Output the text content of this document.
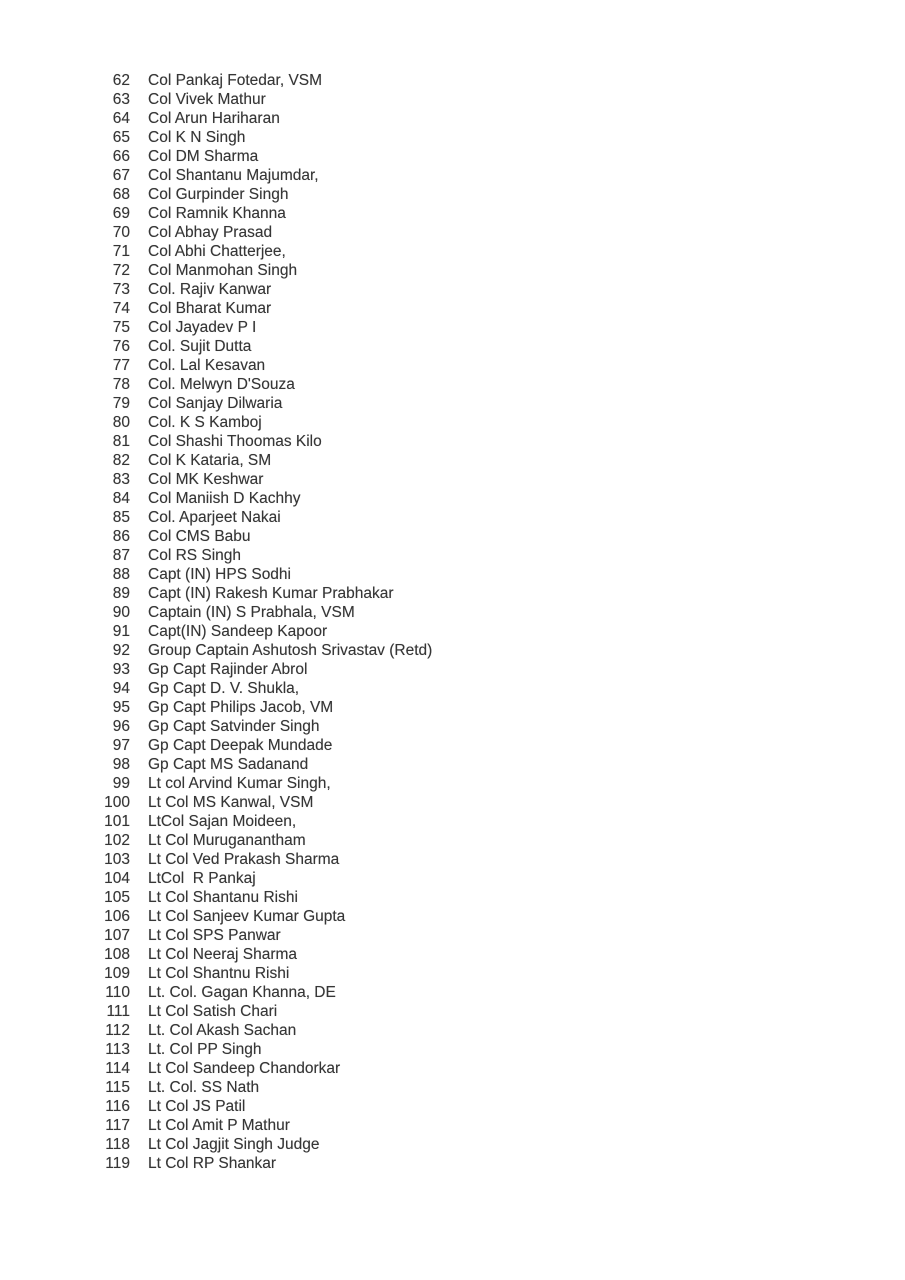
62 Col Pankaj Fotedar, VSM
63 Col Vivek Mathur
64 Col Arun Hariharan
65 Col K N Singh
66 Col DM Sharma
67 Col Shantanu Majumdar,
68 Col Gurpinder Singh
69 Col Ramnik Khanna
70 Col Abhay Prasad
71 Col Abhi Chatterjee,
72 Col Manmohan Singh
73 Col. Rajiv Kanwar
74 Col Bharat Kumar
75 Col Jayadev P I
76 Col. Sujit Dutta
77 Col. Lal Kesavan
78 Col. Melwyn D'Souza
79 Col Sanjay Dilwaria
80 Col. K S Kamboj
81 Col Shashi Thoomas Kilo
82 Col K Kataria, SM
83 Col MK Keshwar
84 Col Maniish D Kachhy
85 Col. Aparjeet Nakai
86 Col CMS Babu
87 Col RS Singh
88 Capt (IN) HPS Sodhi
89 Capt (IN) Rakesh Kumar Prabhakar
90 Captain (IN) S Prabhala, VSM
91 Capt(IN) Sandeep Kapoor
92 Group Captain Ashutosh Srivastav (Retd)
93 Gp Capt Rajinder Abrol
94 Gp Capt D. V. Shukla,
95 Gp Capt Philips Jacob, VM
96 Gp Capt Satvinder Singh
97 Gp Capt Deepak Mundade
98 Gp Capt MS Sadanand
99 Lt col Arvind Kumar Singh,
100 Lt Col MS Kanwal, VSM
101 LtCol Sajan Moideen,
102 Lt Col Muruganantham
103 Lt Col Ved Prakash Sharma
104 LtCol  R Pankaj
105 Lt Col Shantanu Rishi
106 Lt Col Sanjeev Kumar Gupta
107 Lt Col SPS Panwar
108 Lt Col Neeraj Sharma
109 Lt Col Shantnu Rishi
110 Lt. Col. Gagan Khanna, DE
111 Lt Col Satish Chari
112 Lt. Col Akash Sachan
113 Lt. Col PP Singh
114 Lt Col Sandeep Chandorkar
115 Lt. Col. SS Nath
116 Lt Col JS Patil
117 Lt Col Amit P Mathur
118 Lt Col Jagjit Singh Judge
119 Lt Col RP Shankar
